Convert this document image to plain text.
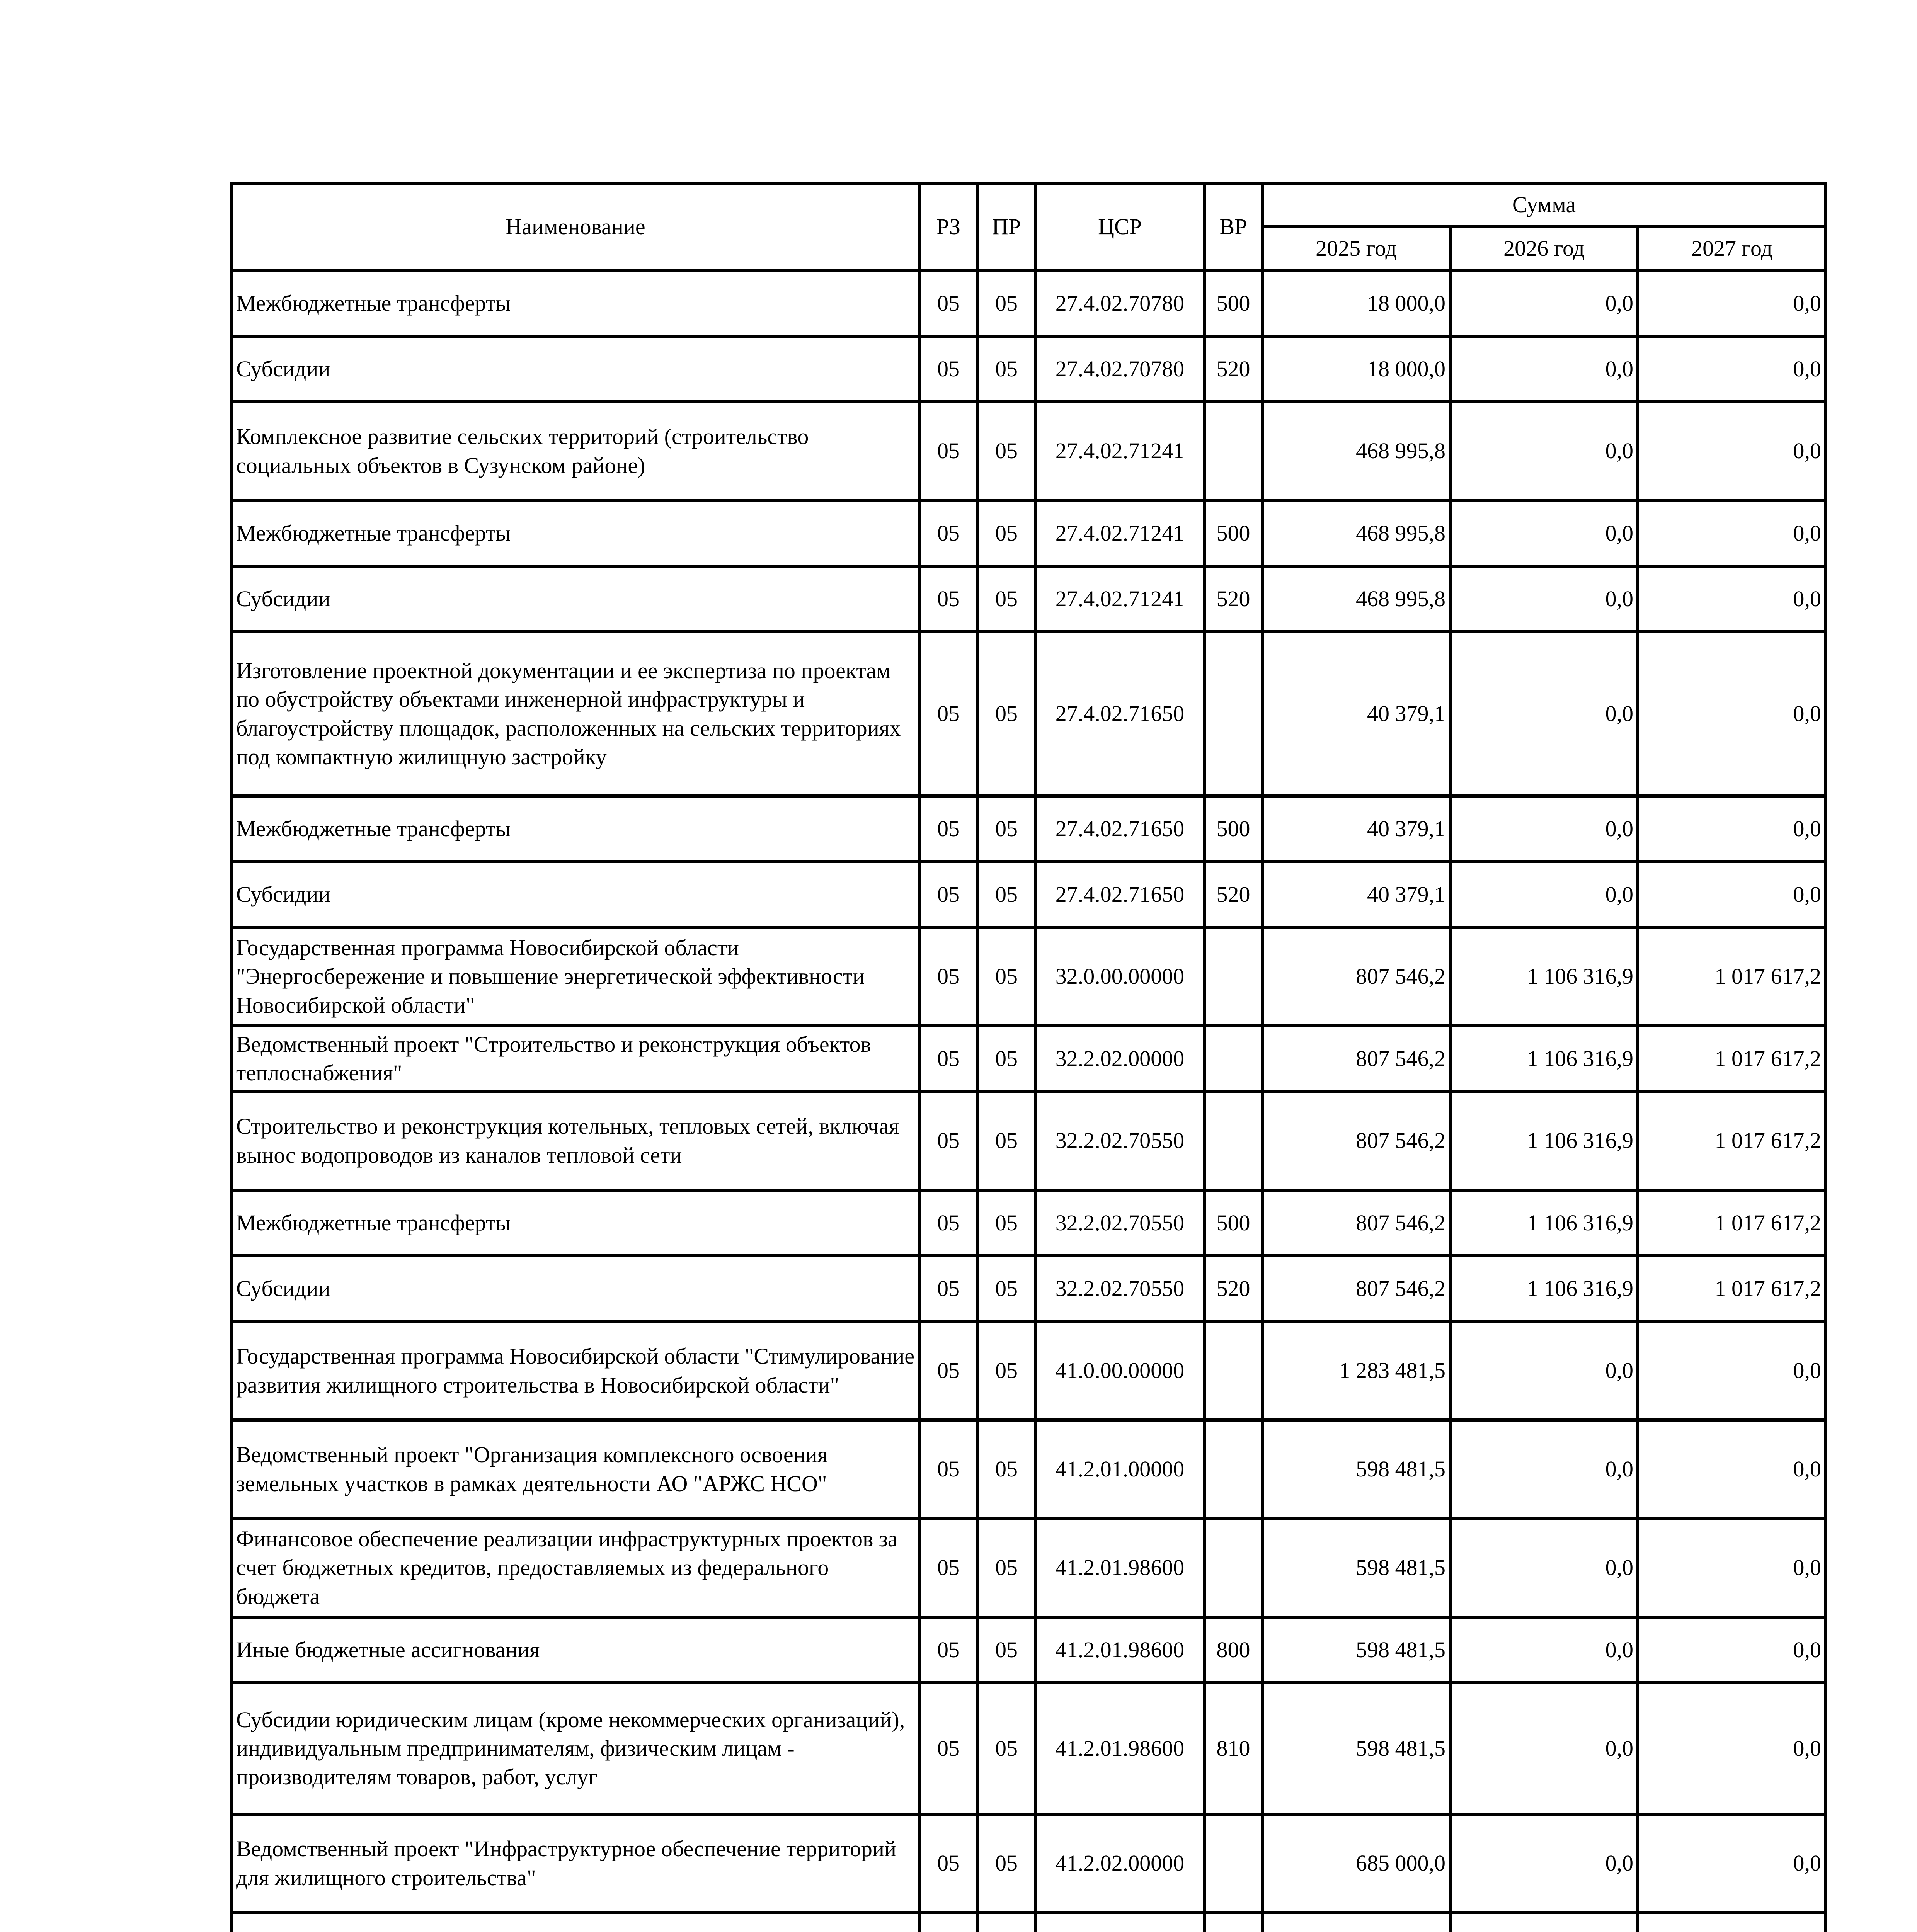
Наименование	РЗ	ПР	ЦСР	ВР	Сумма		
					2025 год	2026 год	2027 год
Межбюджетные трансферты	05	05	27.4.02.70780	500	18 000,0	0,0	0,0
Субсидии	05	05	27.4.02.70780	520	18 000,0	0,0	0,0
Комплексное развитие сельских территорий (строительство социальных объектов в Сузунском районе)	05	05	27.4.02.71241		468 995,8	0,0	0,0
Межбюджетные трансферты	05	05	27.4.02.71241	500	468 995,8	0,0	0,0
Субсидии	05	05	27.4.02.71241	520	468 995,8	0,0	0,0
Изготовление проектной документации и ее экспертиза по проектам по обустройству объектами инженерной инфраструктуры и благоустройству площадок, расположенных на сельских территориях под компактную жилищную застройку	05	05	27.4.02.71650		40 379,1	0,0	0,0
Межбюджетные трансферты	05	05	27.4.02.71650	500	40 379,1	0,0	0,0
Субсидии	05	05	27.4.02.71650	520	40 379,1	0,0	0,0
Государственная программа Новосибирской области "Энергосбережение и повышение энергетической эффективности Новосибирской области"	05	05	32.0.00.00000		807 546,2	1 106 316,9	1 017 617,2
Ведомственный проект "Строительство и реконструкция объектов теплоснабжения"	05	05	32.2.02.00000		807 546,2	1 106 316,9	1 017 617,2
Строительство и реконструкция котельных, тепловых сетей, включая вынос водопроводов из каналов тепловой сети	05	05	32.2.02.70550		807 546,2	1 106 316,9	1 017 617,2
Межбюджетные трансферты	05	05	32.2.02.70550	500	807 546,2	1 106 316,9	1 017 617,2
Субсидии	05	05	32.2.02.70550	520	807 546,2	1 106 316,9	1 017 617,2
Государственная программа Новосибирской области "Стимулирование развития жилищного строительства в Новосибирской области"	05	05	41.0.00.00000		1 283 481,5	0,0	0,0
Ведомственный проект "Организация комплексного освоения земельных участков в рамках деятельности АО "АРЖС НСО"	05	05	41.2.01.00000		598 481,5	0,0	0,0
Финансовое обеспечение реализации инфраструктурных проектов за счет бюджетных кредитов, предоставляемых из федерального бюджета	05	05	41.2.01.98600		598 481,5	0,0	0,0
Иные бюджетные ассигнования	05	05	41.2.01.98600	800	598 481,5	0,0	0,0
Субсидии юридическим лицам (кроме некоммерческих организаций), индивидуальным предпринимателям, физическим лицам - производителям товаров, работ, услуг	05	05	41.2.01.98600	810	598 481,5	0,0	0,0
Ведомственный проект "Инфраструктурное обеспечение территорий для жилищного строительства"	05	05	41.2.02.00000		685 000,0	0,0	0,0
